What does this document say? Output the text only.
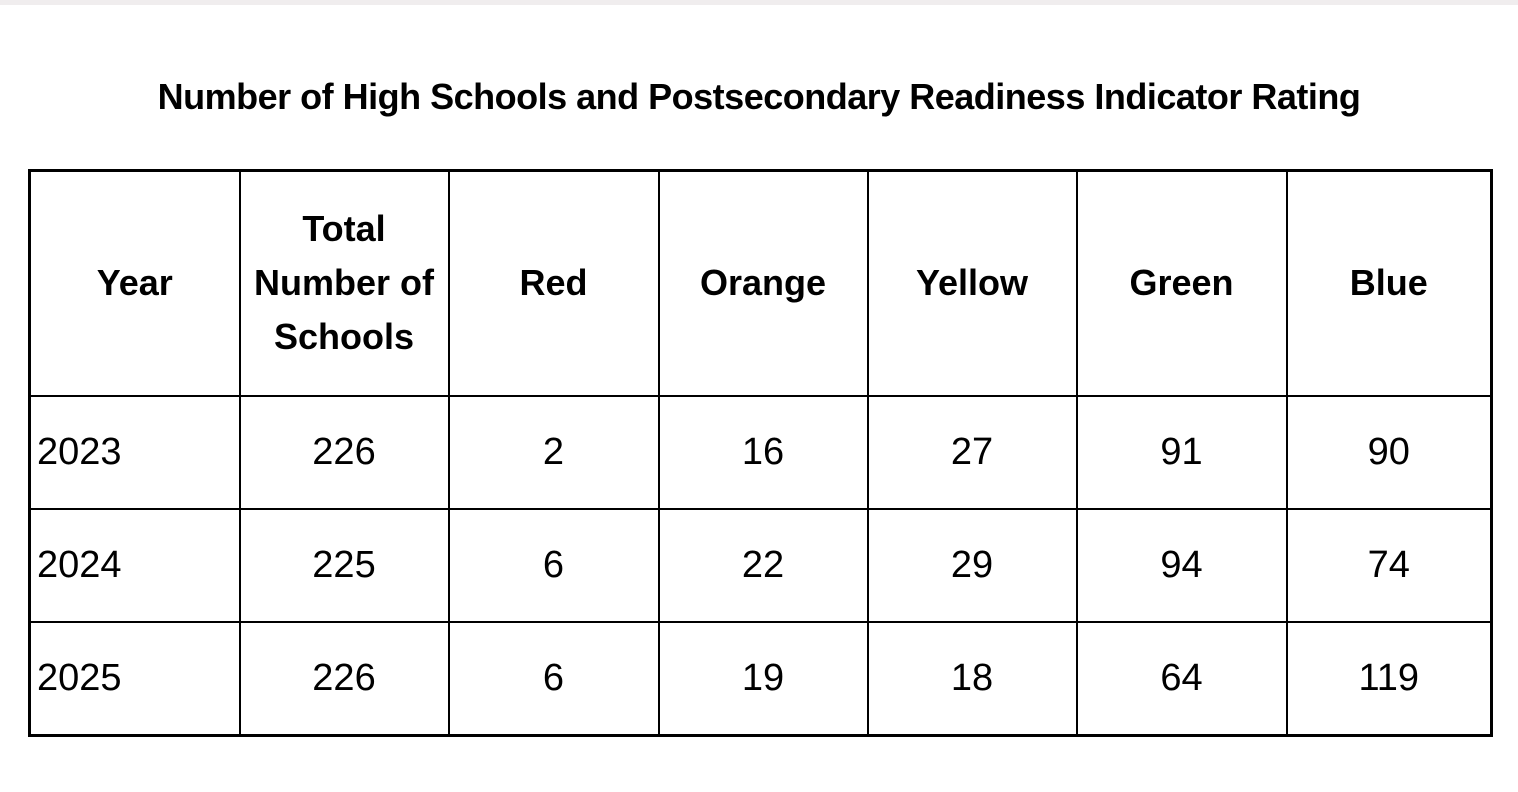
Number of High Schools and Postsecondary Readiness Indicator Rating
Year	Total Number of Schools	Red	Orange	Yellow	Green	Blue
2023	226	2	16	27	91	90
2024	225	6	22	29	94	74
2025	226	6	19	18	64	119
